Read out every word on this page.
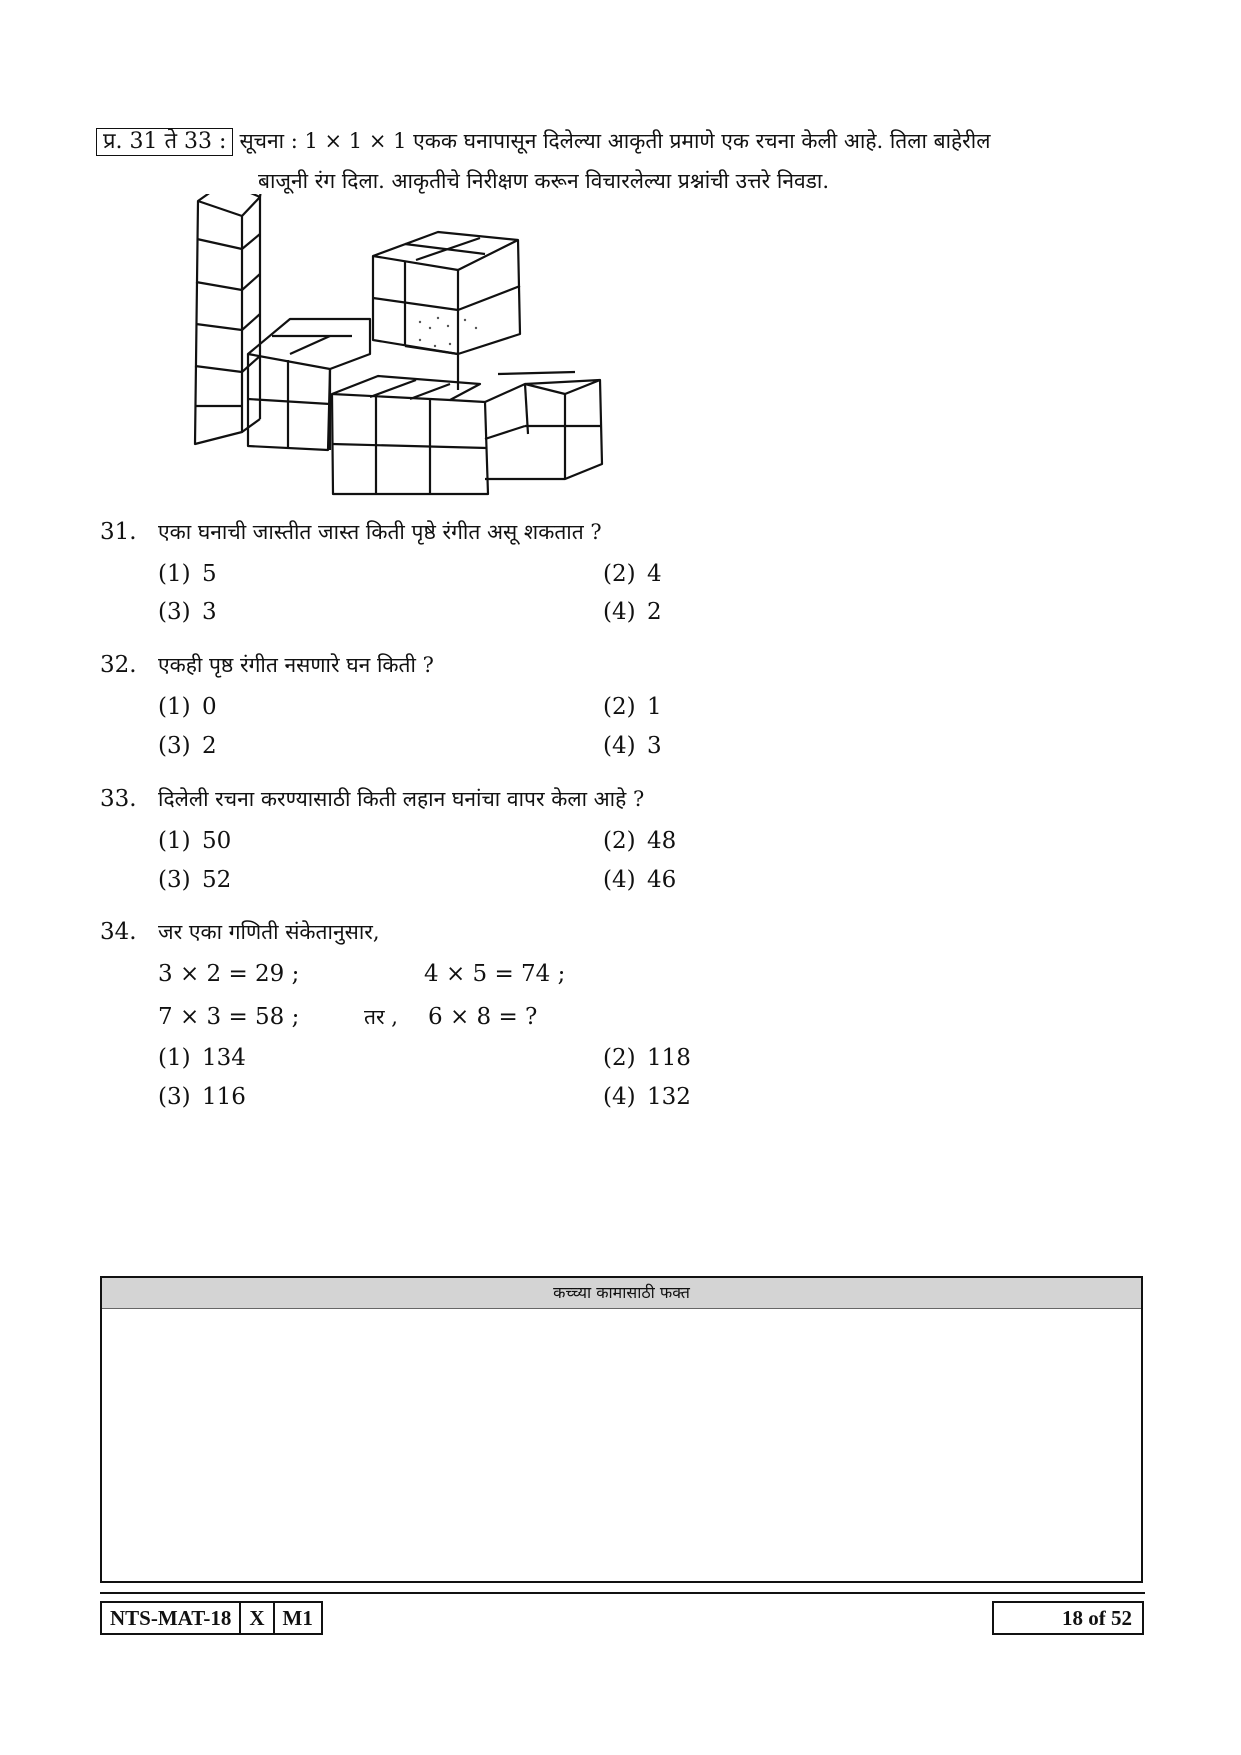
प्र. 31 ते 33 : सूचना : 1 × 1 × 1 एकक घनापासून दिलेल्या आकृती प्रमाणे एक रचना केली आहे. तिला बाहेरील
बाजूनी रंग दिला. आकृतीचे निरीक्षण करून विचारलेल्या प्रश्नांची उत्तरे निवडा.
31. एका घनाची जास्तीत जास्त किती पृष्ठे रंगीत असू शकतात ?
(1) 5	(2) 4
(3) 3	(4) 2
32. एकही पृष्ठ रंगीत नसणारे घन किती ?
(1) 0	(2) 1
(3) 2	(4) 3
33. दिलेली रचना करण्यासाठी किती लहान घनांचा वापर केला आहे ?
(1) 50	(2) 48
(3) 52	(4) 46
34. जर एका गणिती संकेतानुसार,
3 × 2 = 29 ;	4 × 5 = 74 ;
7 × 3 = 58 ;	तर , 6 × 8 = ?
(1) 134	(2) 118
(3) 116	(4) 132
कच्च्या कामासाठी फक्त
NTS-MAT-18 X M1	18 of 52
